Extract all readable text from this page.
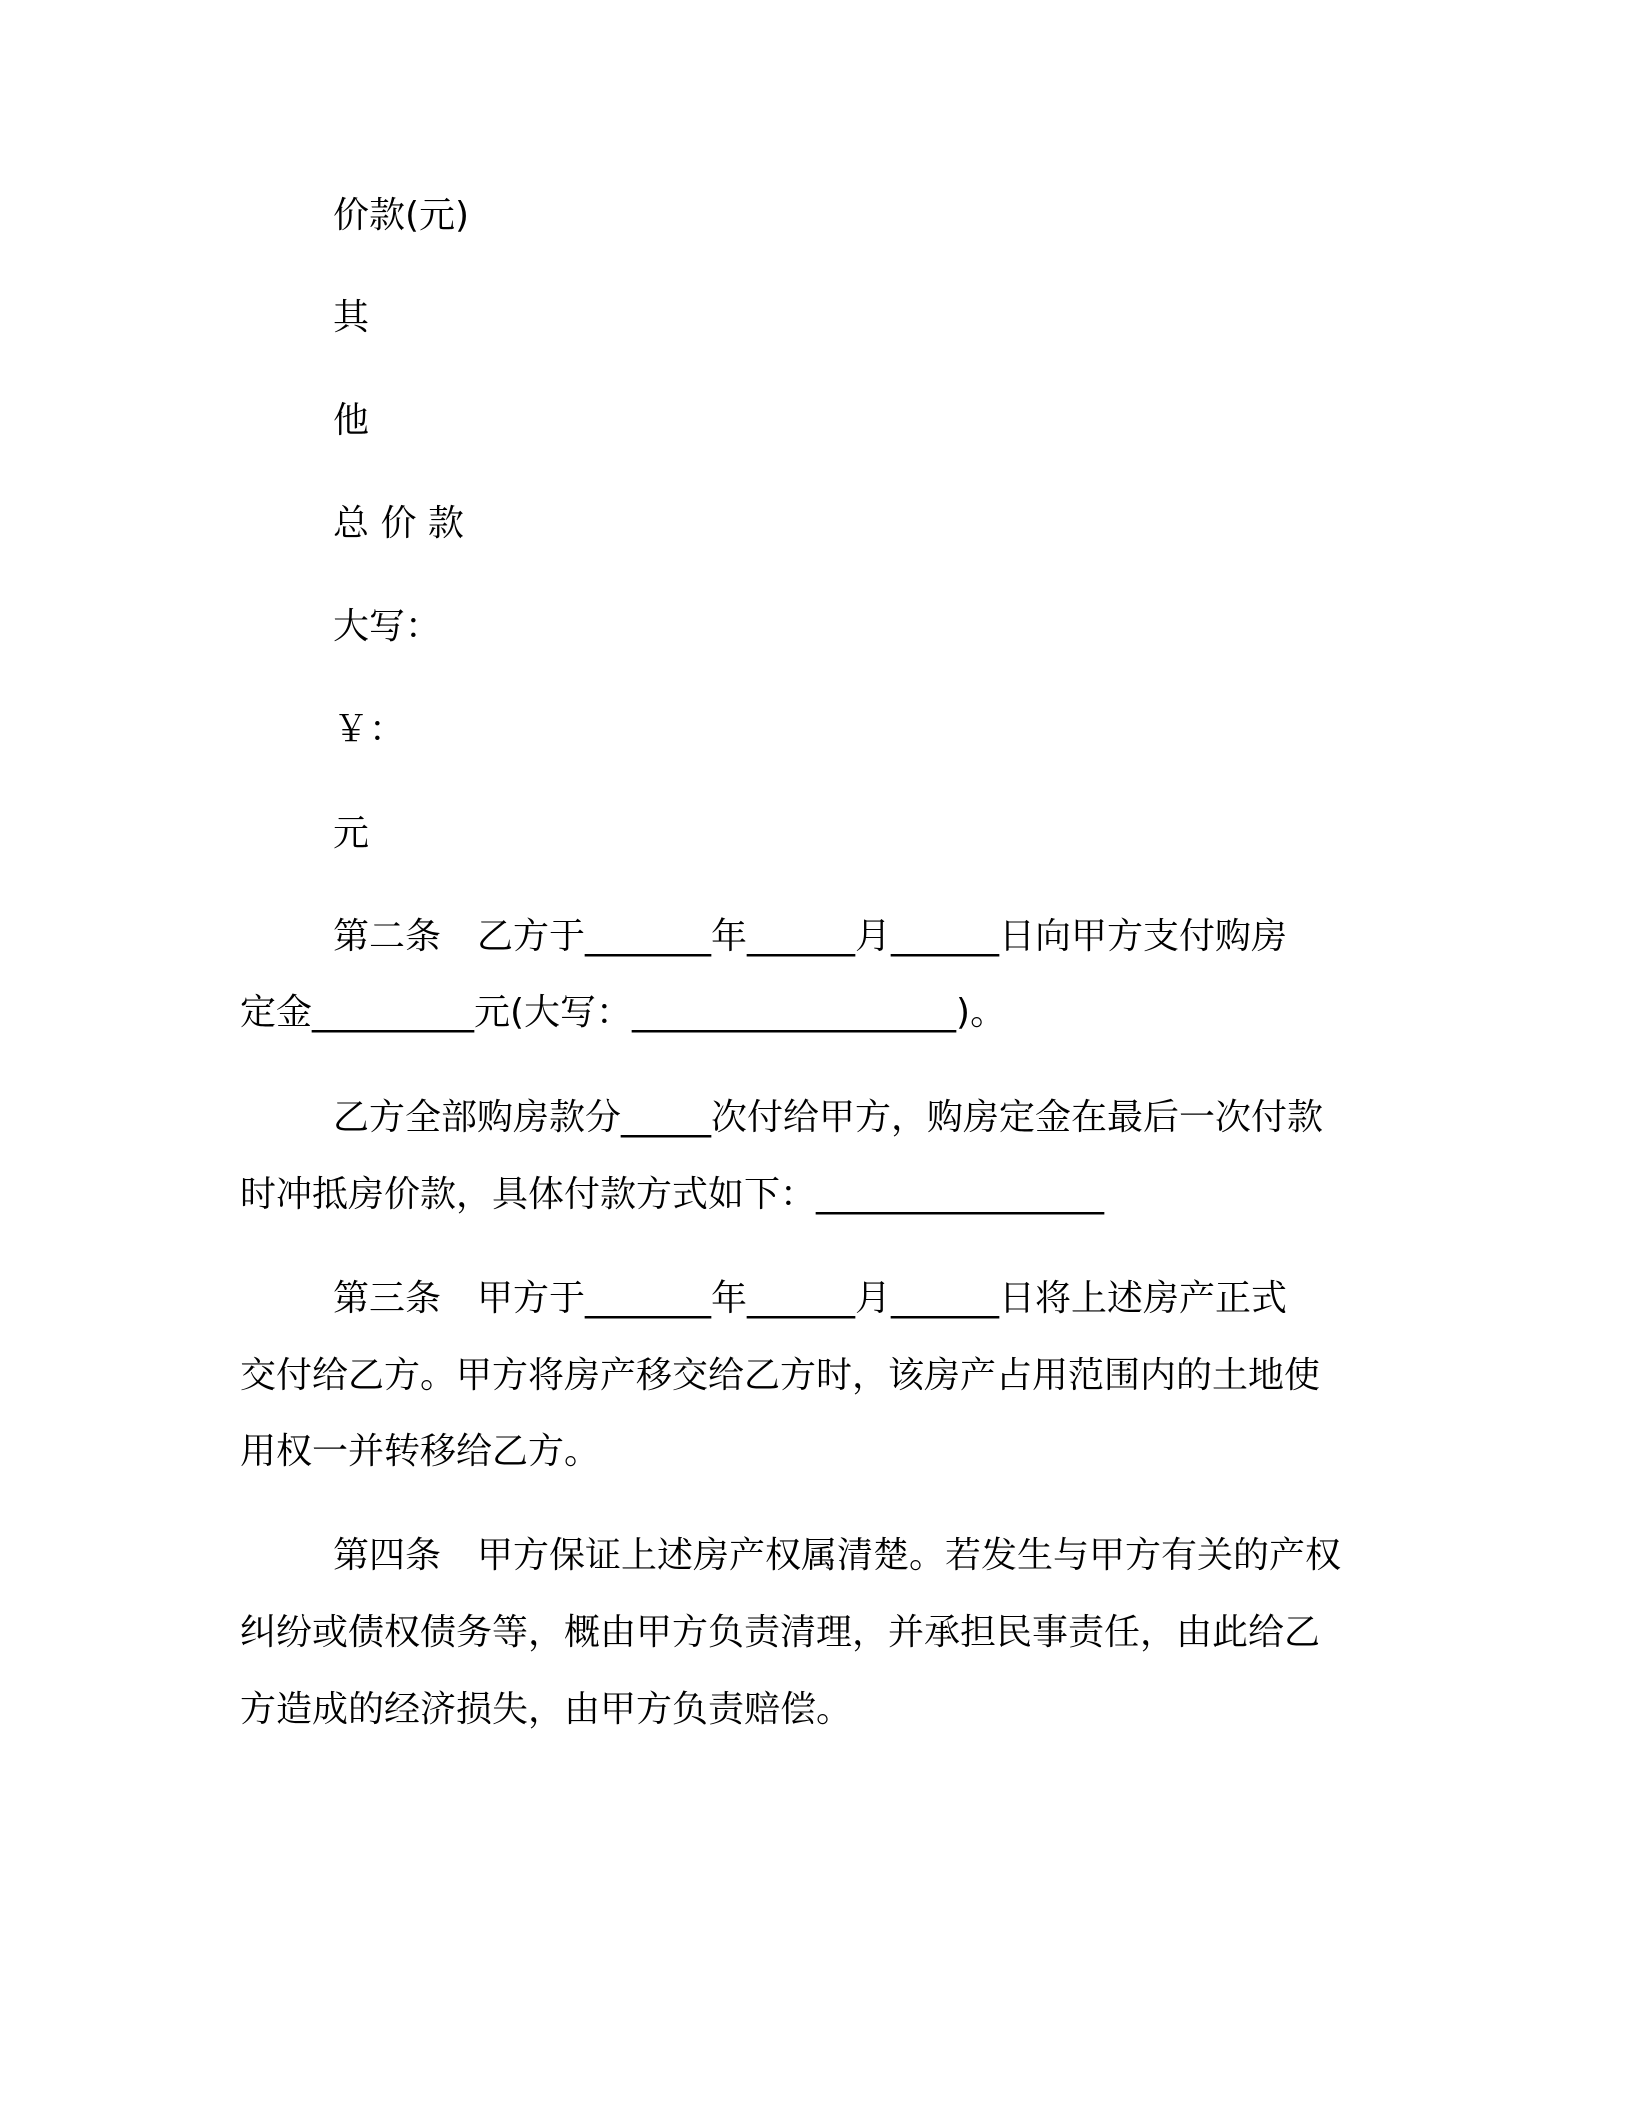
价款(元)
其
他
总 价 款
大写：
￥：
元
第二条　乙方于_______年______月______日向甲方支付购房
定金_________元(大写：__________________)。
乙方全部购房款分_____次付给甲方，购房定金在最后一次付款
时冲抵房价款，具体付款方式如下：________________
第三条　甲方于_______年______月______日将上述房产正式
交付给乙方。甲方将房产移交给乙方时，该房产占用范围内的土地使
用权一并转移给乙方。
第四条　甲方保证上述房产权属清楚。若发生与甲方有关的产权
纠纷或债权债务等，概由甲方负责清理，并承担民事责任，由此给乙
方造成的经济损失，由甲方负责赔偿。
